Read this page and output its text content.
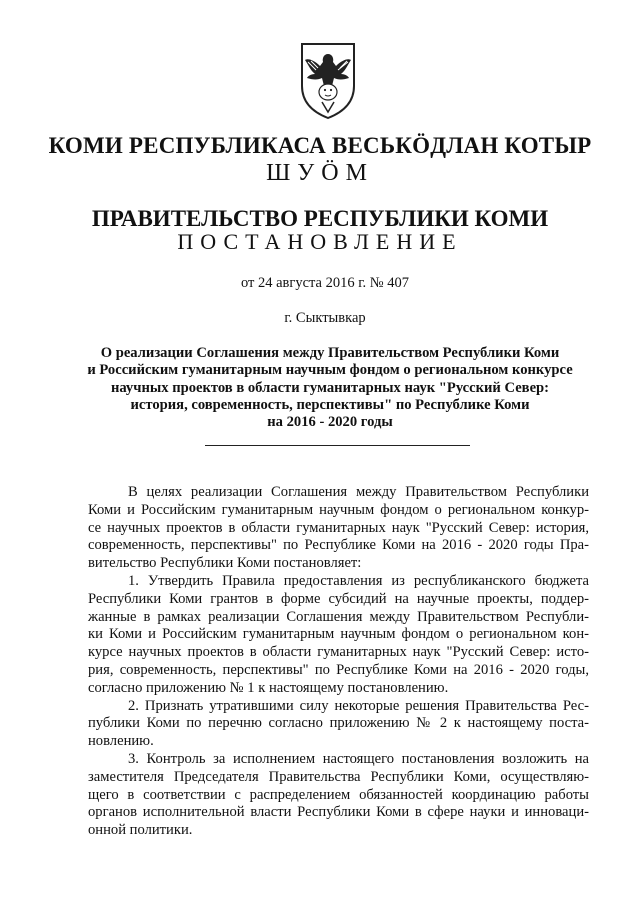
КОМИ РЕСПУБЛИКАСА ВЕСЬКӦДЛАН КОТЫР
ШУӦМ
ПРАВИТЕЛЬСТВО РЕСПУБЛИКИ КОМИ
ПОСТАНОВЛЕНИЕ
от 24 августа 2016 г. № 407
г. Сыктывкар
О реализации Соглашения между Правительством Республики Коми
и Российским гуманитарным научным фондом о региональном конкурсе
научных проектов в области гуманитарных наук "Русский Север:
история, современность, перспективы" по Республике Коми
на 2016 - 2020 годы
В целях реализации Соглашения между Правительством Республики
Коми и Российским гуманитарным научным фондом о региональном конкур-
се научных проектов в области гуманитарных наук "Русский Север: история,
современность, перспективы" по Республике Коми на 2016 - 2020 годы Пра-
вительство Республики Коми постановляет:
1. Утвердить Правила предоставления из республиканского бюджета
Республики Коми грантов в форме субсидий на научные проекты, поддер-
жанные в рамках реализации Соглашения между Правительством Республи-
ки Коми и Российским гуманитарным научным фондом о региональном кон-
курсе научных проектов в области гуманитарных наук "Русский Север: исто-
рия, современность, перспективы" по Республике Коми на 2016 - 2020 годы,
согласно приложению № 1 к настоящему постановлению.
2. Признать утратившими силу некоторые решения Правительства Рес-
публики Коми по перечню согласно приложению № 2 к настоящему поста-
новлению.
3. Контроль за исполнением настоящего постановления возложить на
заместителя Председателя Правительства Республики Коми, осуществляю-
щего в соответствии с распределением обязанностей координацию работы
органов исполнительной власти Республики Коми в сфере науки и инноваци-
онной политики.
